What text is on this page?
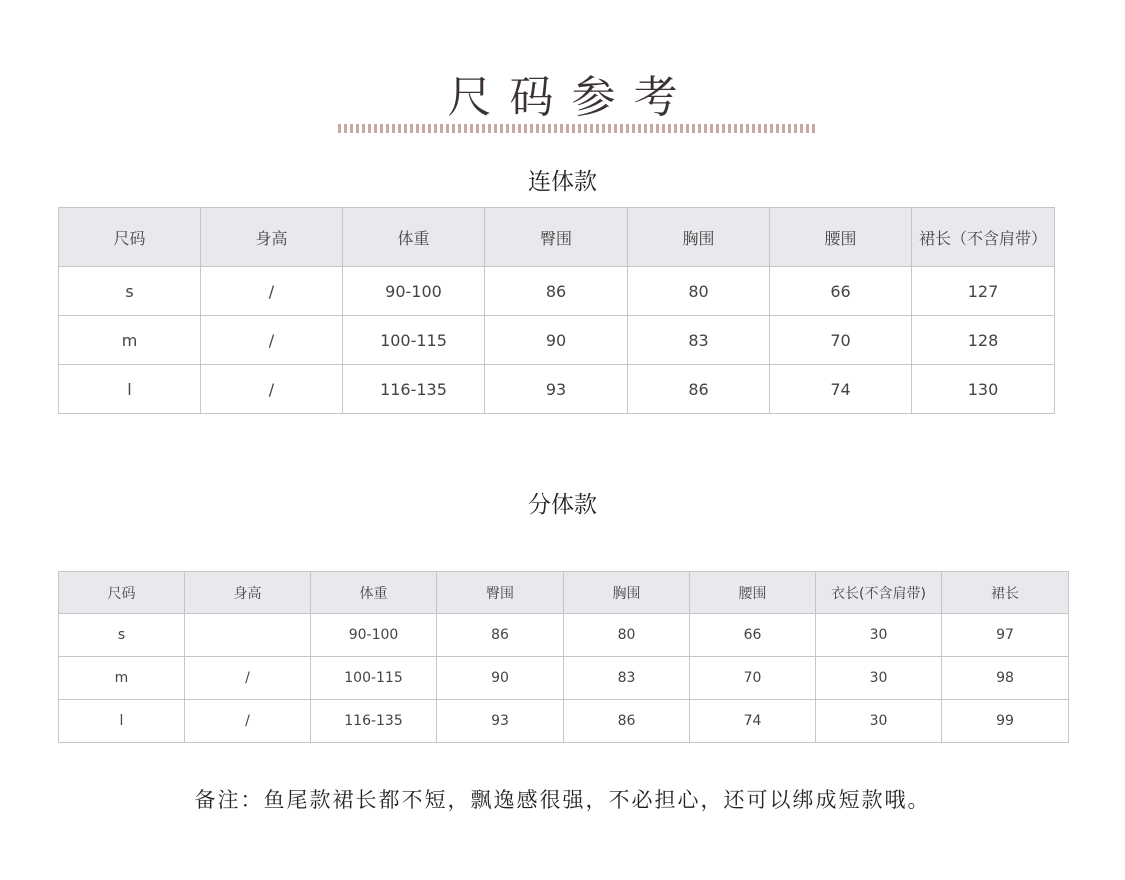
尺码参考
连体款
尺码	身高	体重	臀围	胸围	腰围	裙长（不含肩带）
s	/	90-100	86	80	66	127
m	/	100-115	90	83	70	128
l	/	116-135	93	86	74	130
分体款
尺码	身高	体重	臀围	胸围	腰围	衣长(不含肩带)	裙长
s		90-100	86	80	66	30	97
m	/	100-115	90	83	70	30	98
l	/	116-135	93	86	74	30	99
备注：鱼尾款裙长都不短，飘逸感很强，不必担心，还可以绑成短款哦。
